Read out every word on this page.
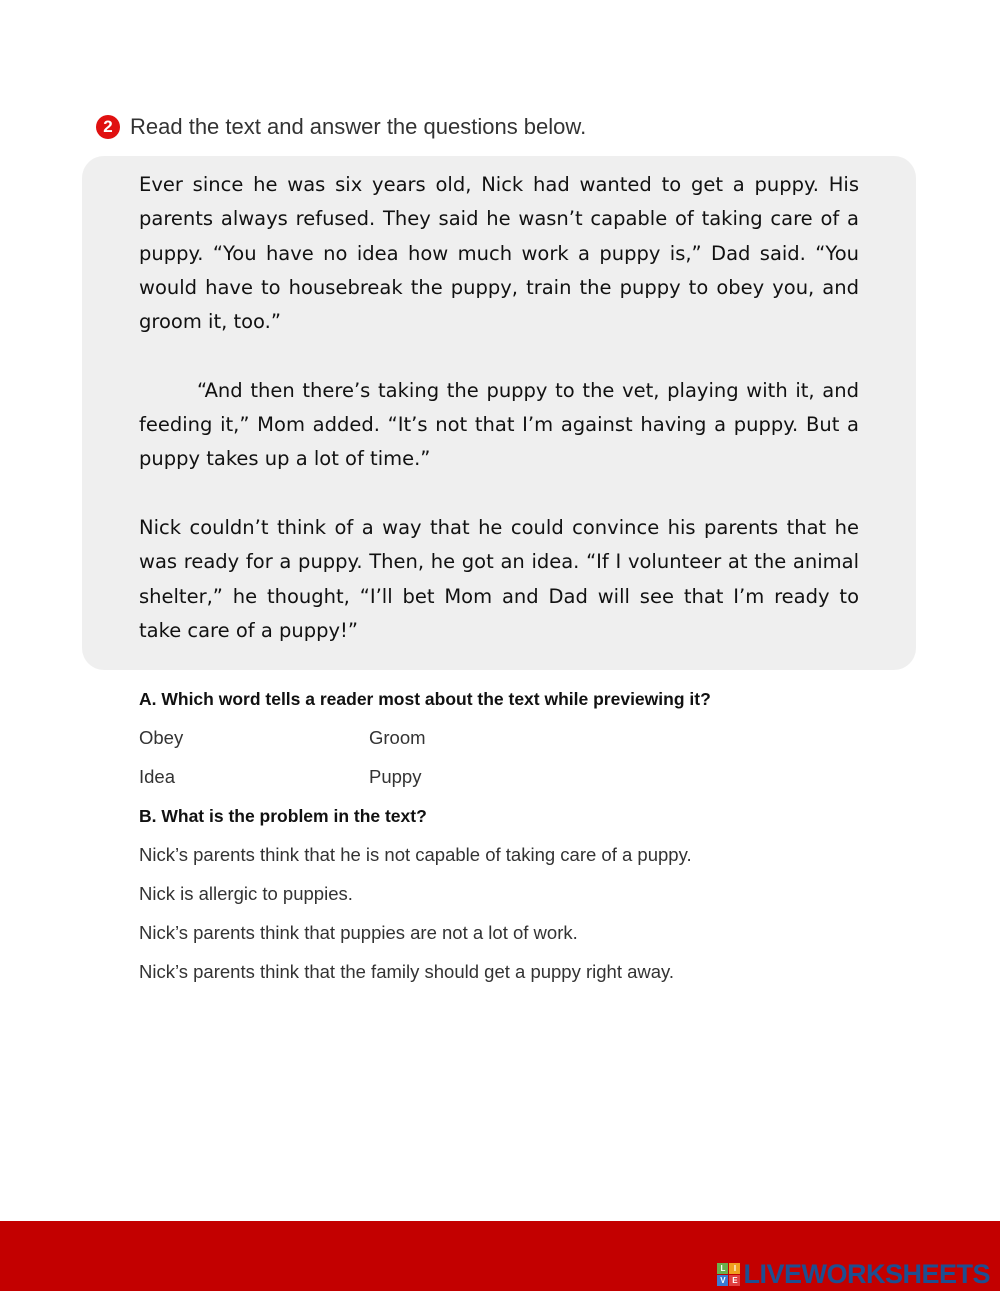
2 Read the text and answer the questions below.

Ever since he was six years old, Nick had wanted to get a puppy. His parents always refused. They said he wasn’t capable of taking care of a puppy. “You have no idea how much work a puppy is,” Dad said. “You would have to housebreak the puppy, train the puppy to obey you, and groom it, too.”

“And then there’s taking the puppy to the vet, playing with it, and feeding it,” Mom added. “It’s not that I’m against having a puppy. But a puppy takes up a lot of time.”

Nick couldn’t think of a way that he could convince his parents that he was ready for a puppy. Then, he got an idea. “If I volunteer at the animal shelter,” he thought, “I’ll bet Mom and Dad will see that I’m ready to take care of a puppy!”

A. Which word tells a reader most about the text while previewing it?
Obey	Groom
Idea	Puppy
B. What is the problem in the text?
Nick’s parents think that he is not capable of taking care of a puppy.
Nick is allergic to puppies.
Nick’s parents think that puppies are not a lot of work.
Nick’s parents think that the family should get a puppy right away.
L	I
V E LIVEWORKSHEETS
